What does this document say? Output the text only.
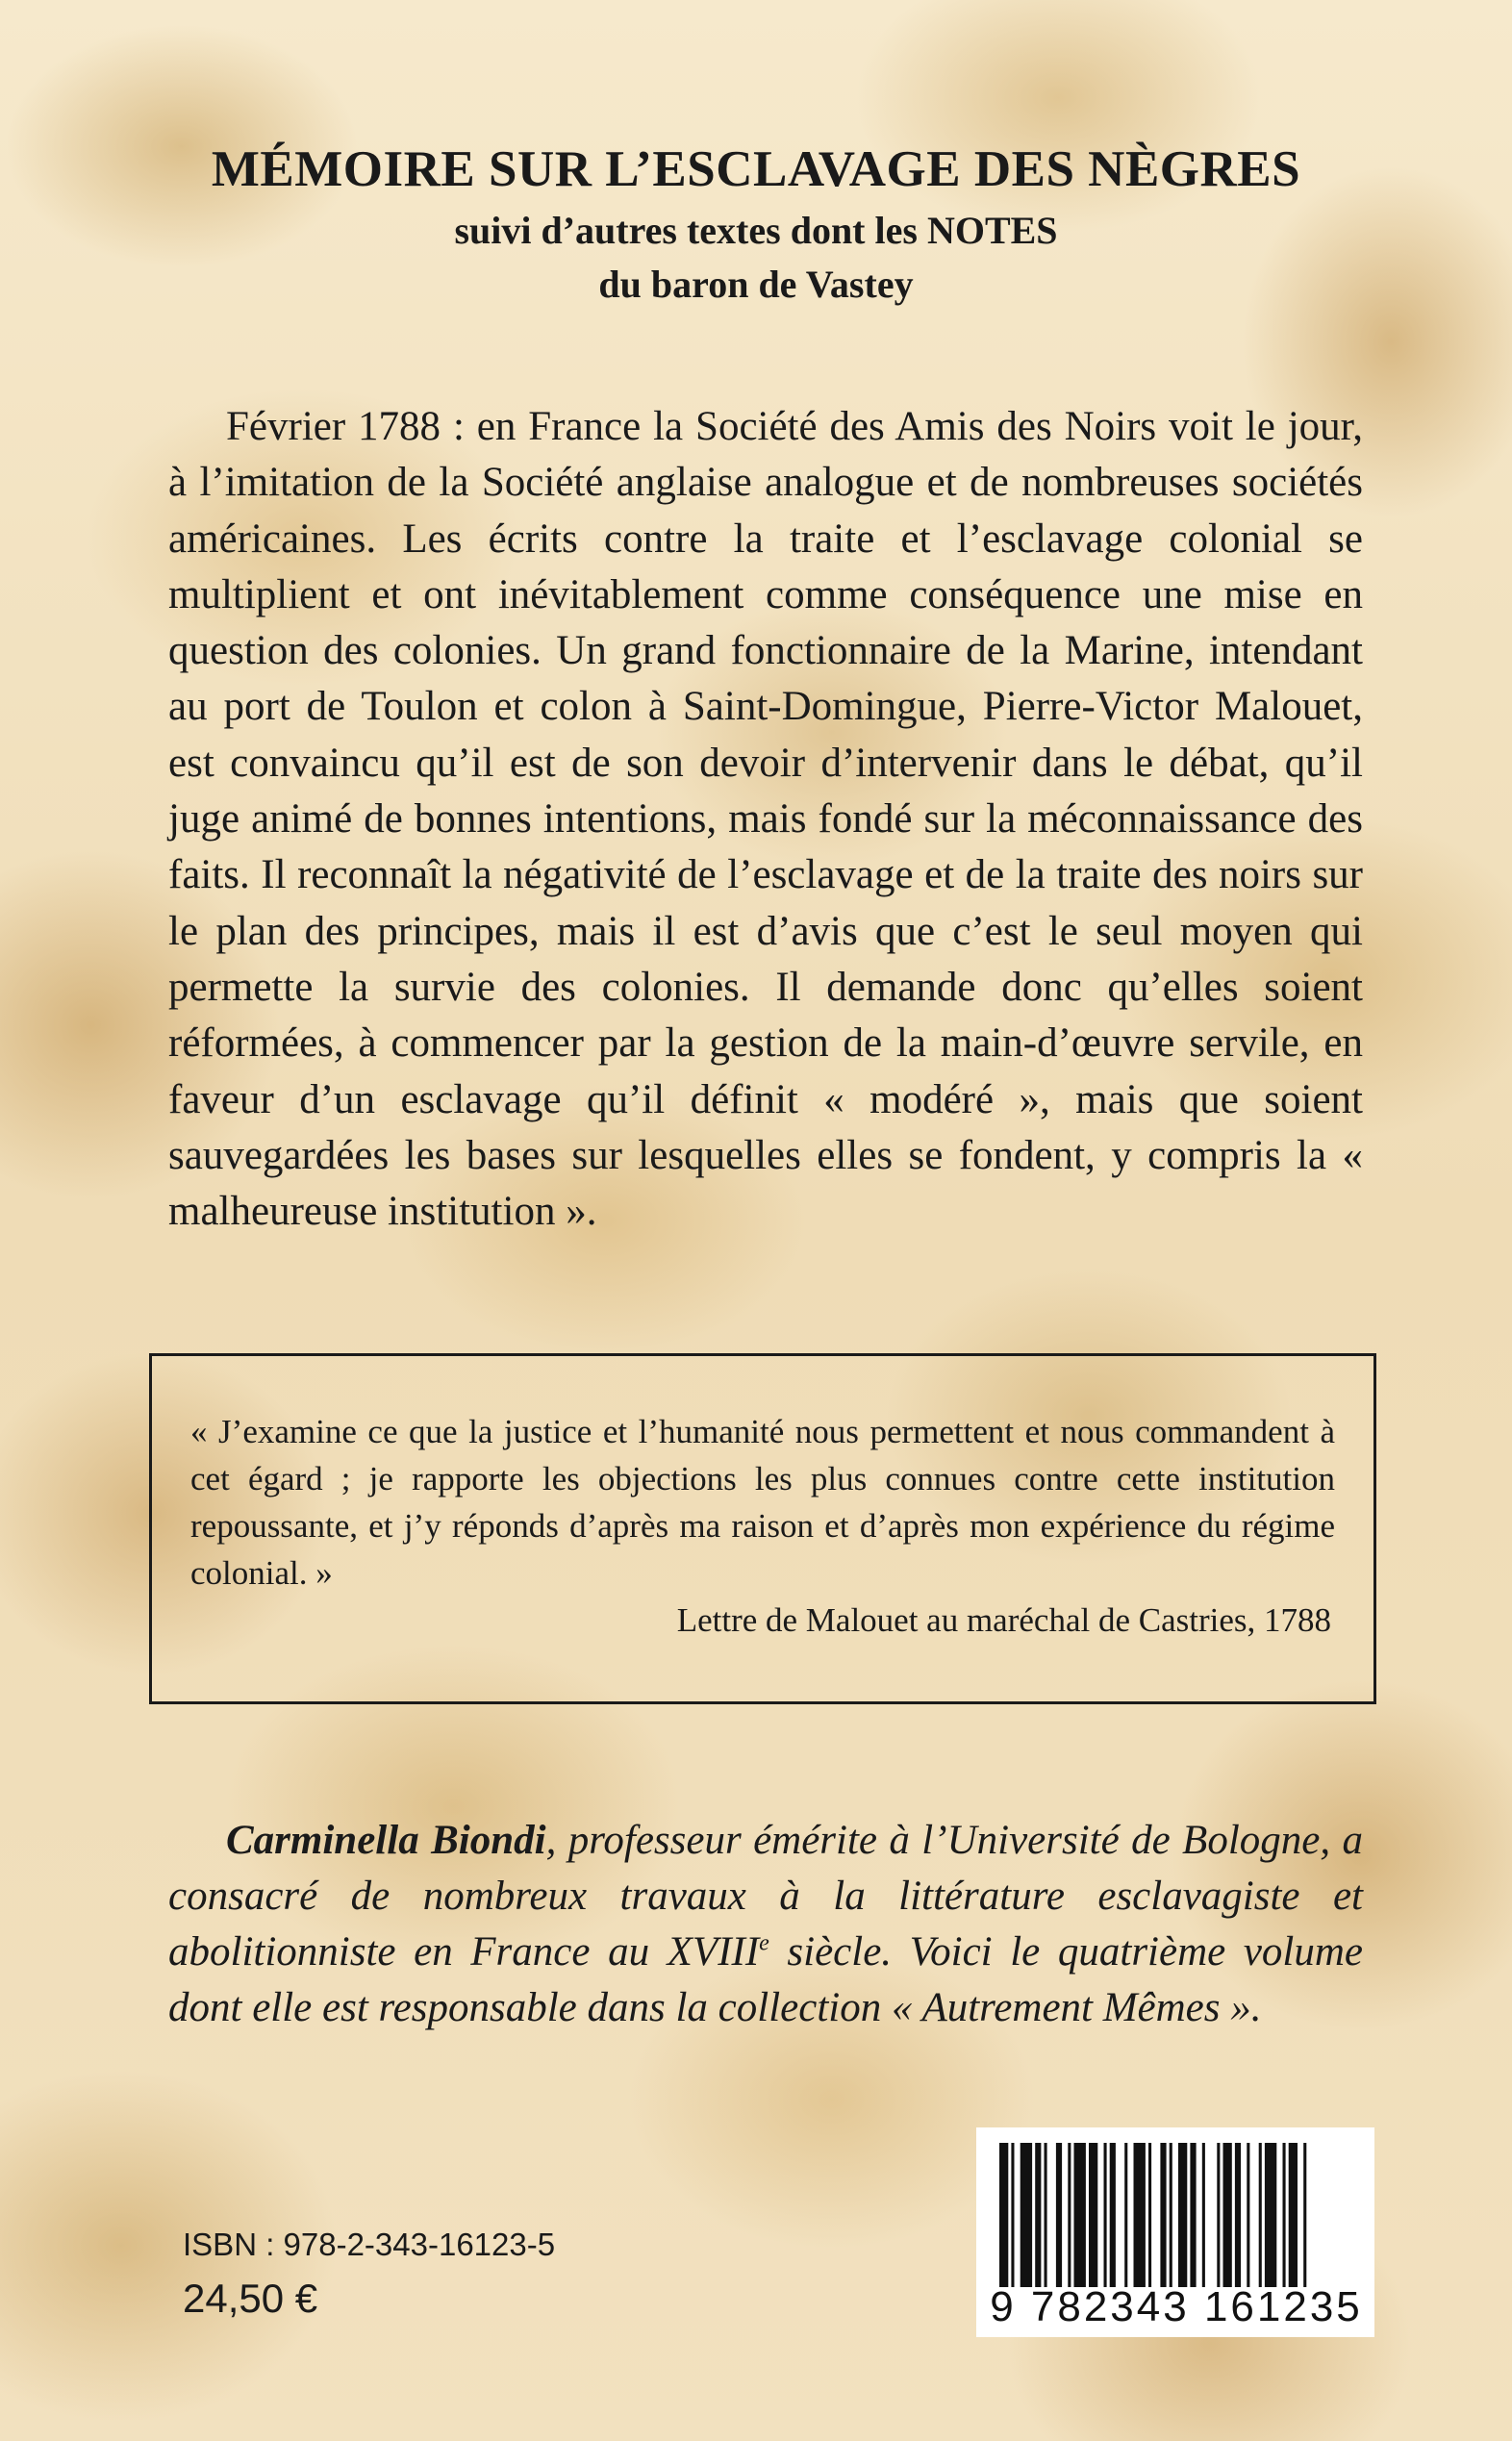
MÉMOIRE SUR L’ESCLAVAGE DES NÈGRES

suivi d’autres textes dont les NOTES

du baron de Vastey

Février 1788 : en France la Société des Amis des Noirs voit le jour, à l’imitation de la Société anglaise analogue et de nombreuses sociétés américaines. Les écrits contre la traite et l’esclavage colonial se multiplient et ont inévitablement comme conséquence une mise en question des colonies. Un grand fonctionnaire de la Marine, intendant au port de Toulon et colon à Saint-Domingue, Pierre-Victor Malouet, est convaincu qu’il est de son devoir d’intervenir dans le débat, qu’il juge animé de bonnes intentions, mais fondé sur la méconnaissance des faits. Il reconnaît la négativité de l’esclavage et de la traite des noirs sur le plan des principes, mais il est d’avis que c’est le seul moyen qui permette la survie des colonies. Il demande donc qu’elles soient réformées, à commencer par la gestion de la main-d’œuvre servile, en faveur d’un esclavage qu’il définit « modéré », mais que soient sauvegardées les bases sur lesquelles elles se fondent, y compris la « malheureuse institution ».

« J’examine ce que la justice et l’humanité nous permettent et nous commandent à cet égard ; je rapporte les objections les plus connues contre cette institution repoussante, et j’y réponds d’après ma raison et d’après mon expérience du régime colonial. »

Lettre de Malouet au maréchal de Castries, 1788

Carminella Biondi, professeur émérite à l’Université de Bologne, a consacré de nombreux travaux à la littérature esclavagiste et abolitionniste en France au XVIIIe siècle. Voici le quatrième volume dont elle est responsable dans la collection « Autrement Mêmes ».

ISBN : 978-2-343-16123-5

24,50 €	9 782343 161235
